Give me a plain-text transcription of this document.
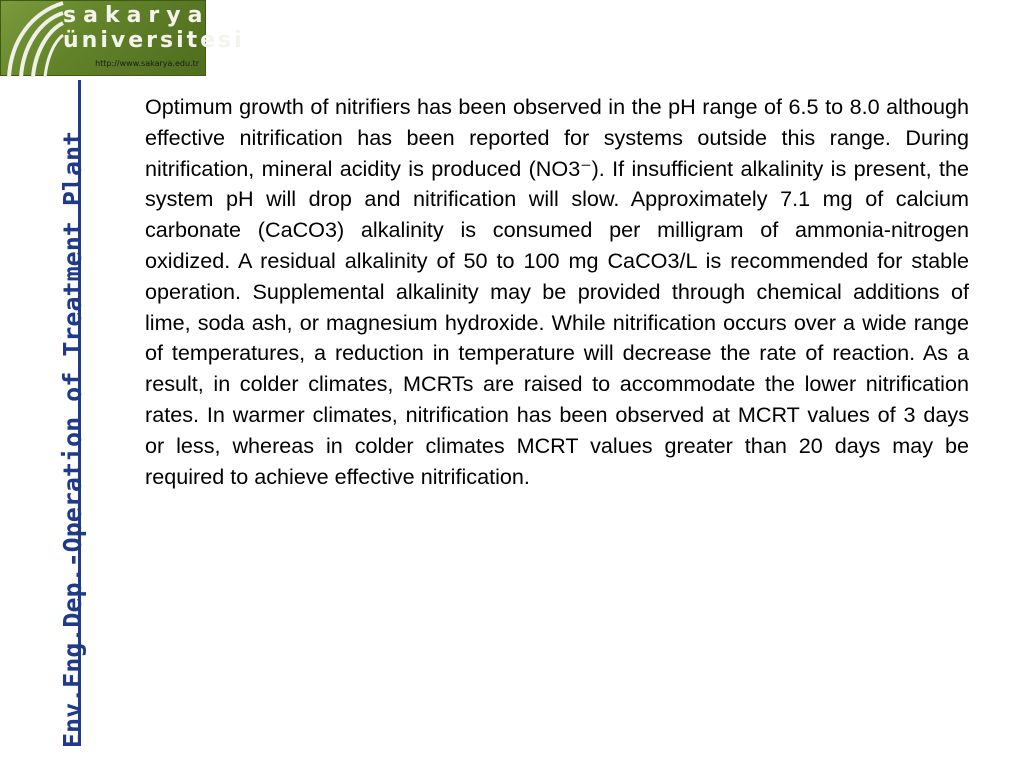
sakarya
üniversitesi
http://www.sakarya.edu.tr
Env.Eng.Dep.-Operation of Treatment Plant

Optimum growth of nitrifiers has been observed in the pH range of 6.5 to 8.0 although effective nitrification has been reported for systems outside this range. During nitrification, mineral acidity is produced (NO3⁻). If insufficient alkalinity is present, the system pH will drop and nitrification will slow. Approximately 7.1 mg of calcium carbonate (CaCO3) alkalinity is consumed per milligram of ammonia-nitrogen oxidized. A residual alkalinity of 50 to 100 mg CaCO3/L is recommended for stable operation. Supplemental alkalinity may be provided through chemical additions of lime, soda ash, or magnesium hydroxide. While nitrification occurs over a wide range of temperatures, a reduction in temperature will decrease the rate of reaction. As a result, in colder climates, MCRTs are raised to accommodate the lower nitrification rates. In warmer climates, nitrification has been observed at MCRT values of 3 days or less, whereas in colder climates MCRT values greater than 20 days may be required to achieve effective nitrification.
